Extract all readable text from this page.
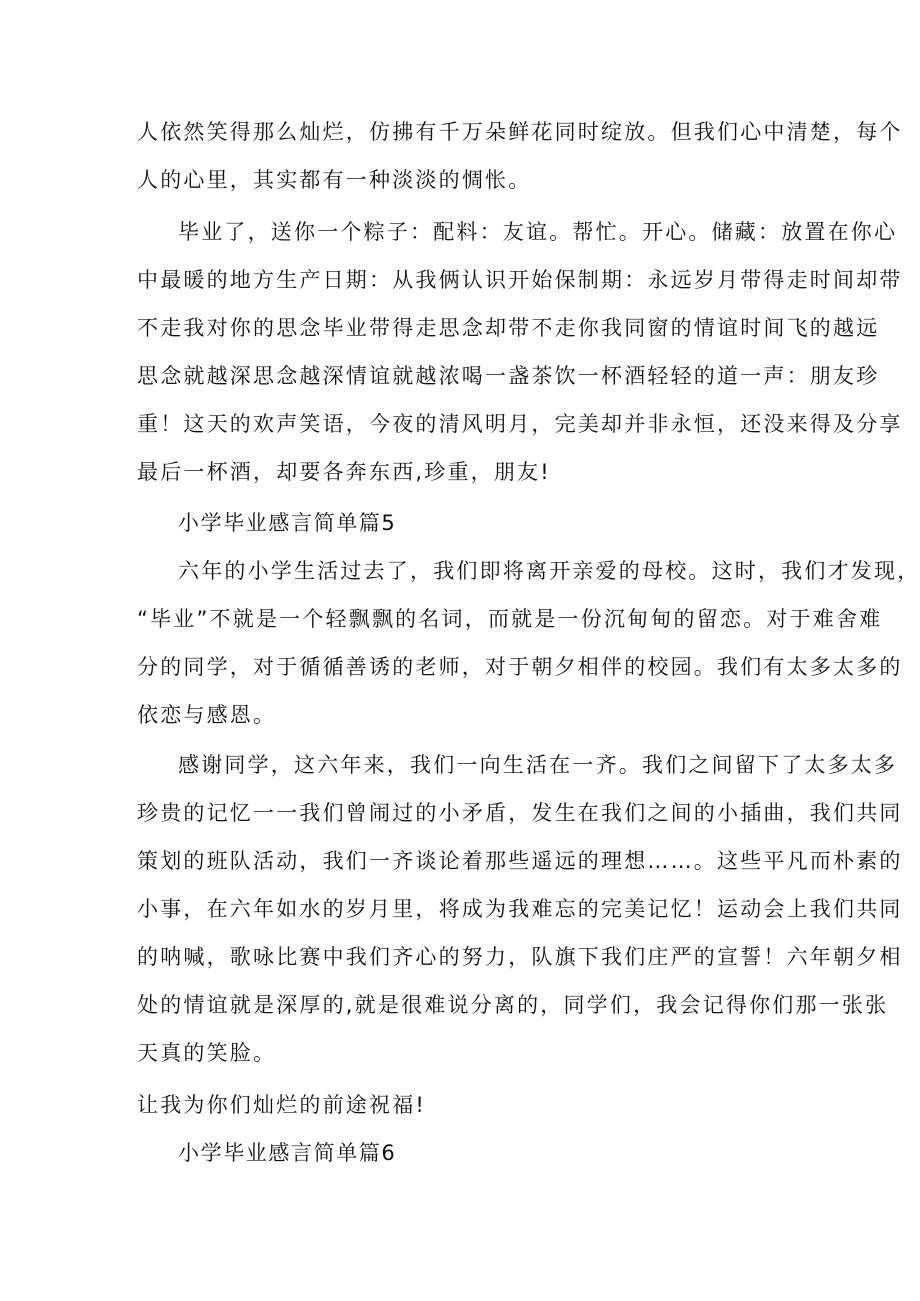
人依然笑得那么灿烂，仿拂有千万朵鲜花同时绽放。但我们心中清楚，每个
人的心里，其实都有一种淡淡的惆怅。
毕业了，送你一个粽子：配料：友谊。帮忙。开心。储藏：放置在你心
中最暖的地方生产日期：从我俩认识开始保制期：永远岁月带得走时间却带
不走我对你的思念毕业带得走思念却带不走你我同窗的情谊时间飞的越远
思念就越深思念越深情谊就越浓喝一盏茶饮一杯酒轻轻的道一声：朋友珍
重！这天的欢声笑语，今夜的清风明月，完美却并非永恒，还没来得及分享
最后一杯酒，却要各奔东西,珍重，朋友!
小学毕业感言简单篇5
六年的小学生活过去了，我们即将离开亲爱的母校。这时，我们才发现，
“毕业”不就是一个轻飘飘的名词，而就是一份沉甸甸的留恋。对于难舍难
分的同学，对于循循善诱的老师，对于朝夕相伴的校园。我们有太多太多的
依恋与感恩。
感谢同学，这六年来，我们一向生活在一齐。我们之间留下了太多太多
珍贵的记忆一一我们曾闹过的小矛盾，发生在我们之间的小插曲，我们共同
策划的班队活动，我们一齐谈论着那些遥远的理想……。这些平凡而朴素的
小事，在六年如水的岁月里，将成为我难忘的完美记忆！运动会上我们共同
的呐喊，歌咏比赛中我们齐心的努力，队旗下我们庄严的宣誓！六年朝夕相
处的情谊就是深厚的,就是很难说分离的，同学们，我会记得你们那一张张
天真的笑脸。
让我为你们灿烂的前途祝福!
小学毕业感言简单篇6
